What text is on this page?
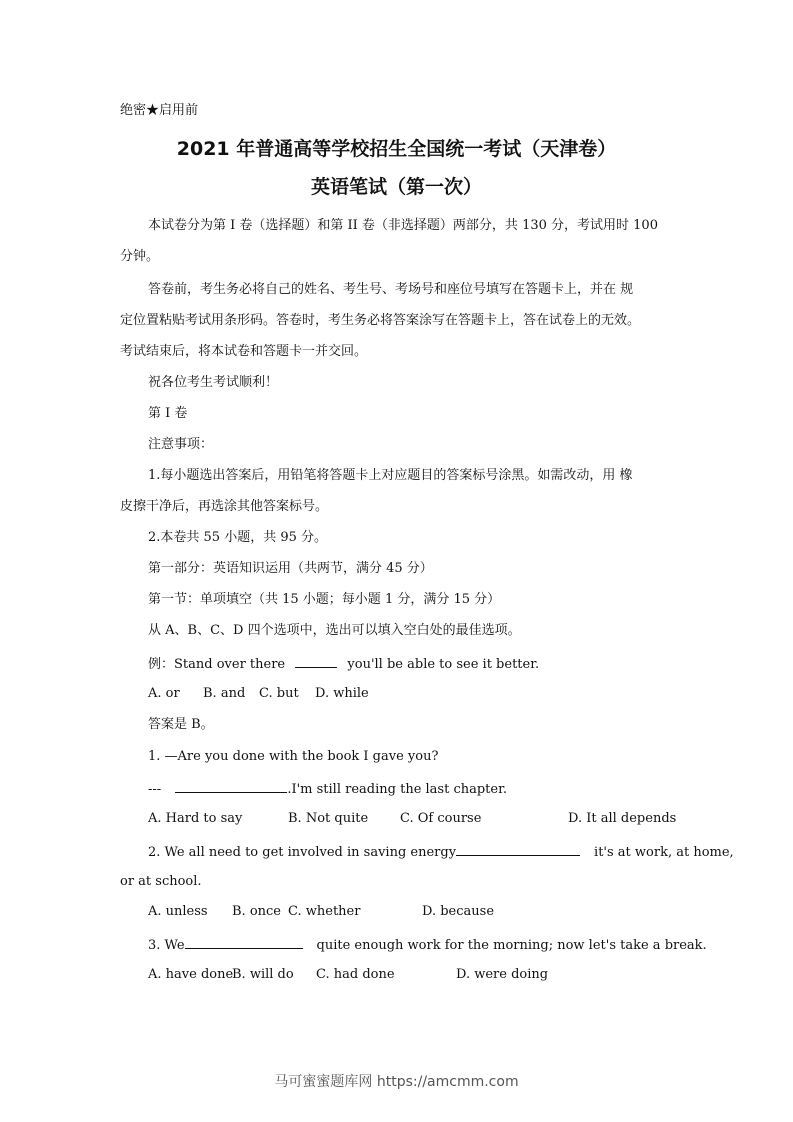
绝密★启用前
2021 年普通高等学校招生全国统一考试（天津卷）
英语笔试（第一次）
本试卷分为第 I 卷（选择题）和第 II 卷（非选择题）两部分，共 130 分，考试用时 100
分钟。
答卷前，考生务必将自己的姓名、考生号、考场号和座位号填写在答题卡上，并在 规
定位置粘贴考试用条形码。答卷时，考生务必将答案涂写在答题卡上，答在试卷上的无效。
考试结束后，将本试卷和答题卡一并交回。
祝各位考生考试顺利！
第 I 卷
注意事项：
1.每小题选出答案后，用铅笔将答题卡上对应题目的答案标号涂黑。如需改动，用 橡
皮擦干净后，再选涂其他答案标号。
2.本卷共 55 小题，共 95 分。
第一部分：英语知识运用（共两节，满分 45 分）
第一节：单项填空（共 15 小题；每小题 1 分，满分 15 分）
从 A、B、C、D 四个选项中，选出可以填入空白处的最佳选项。
例：Stand over there	you'll be able to see it better.
A. or B. and C. but D. while
答案是 B。
1. —Are you done with the book I gave you?
---	.I'm still reading the last chapter.
A. Hard to say	B. Not quite C. Of course	D. It all depends
2. We all need to get involved in saving energy	it's at work, at home,
or at school.
A. unless B. once C. whether	D. because
3. We	quite enough work for the morning; now let's take a break.
A. have done
B. will do C. had done	D. were doing
马可蜜蜜题库网 https://amcmm.com
